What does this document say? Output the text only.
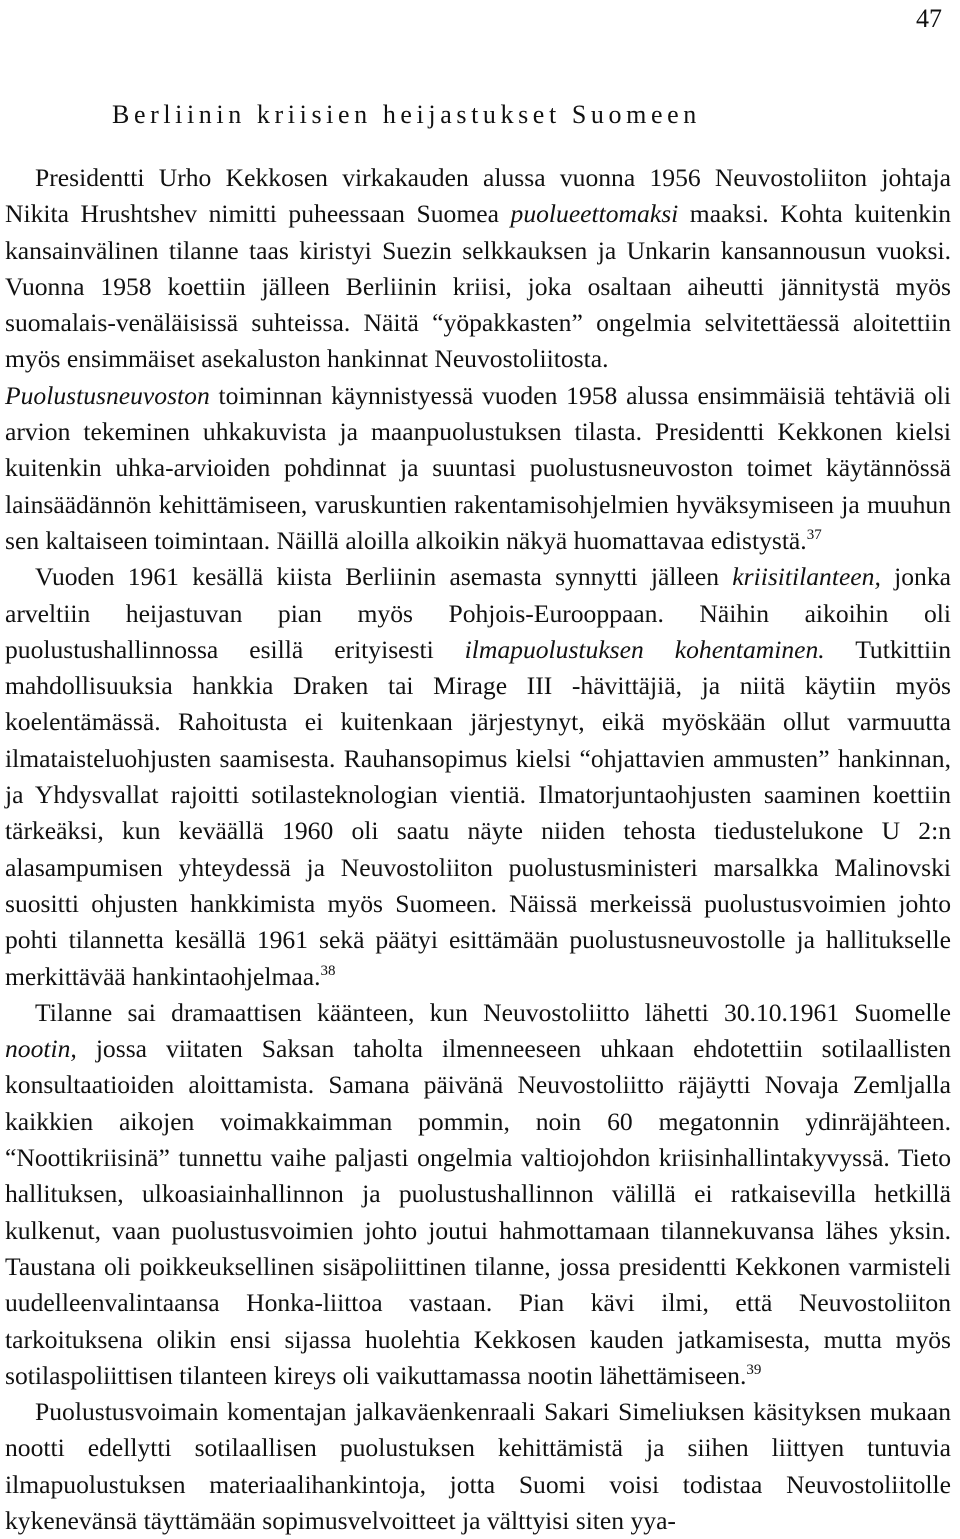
47
Berliinin kriisien heijastukset Suomeen

Presidentti Urho Kekkosen virkakauden alussa vuonna 1956 Neuvostoliiton johtaja Nikita Hrushtshev nimitti puheessaan Suomea puolueettomaksi maaksi. Kohta kuitenkin kansainvälinen tilanne taas kiristyi Suezin selkkauksen ja Unkarin kansannousun vuoksi. Vuonna 1958 koettiin jälleen Berliinin kriisi, joka osaltaan aiheutti jännitystä myös suomalais-venäläisissä suhteissa. Näitä “yöpakkasten” ongelmia selvitettäessä aloitettiin myös ensimmäiset asekaluston hankinnat Neuvostoliitosta.

Puolustusneuvoston toiminnan käynnistyessä vuoden 1958 alussa ensimmäisiä tehtäviä oli arvion tekeminen uhkakuvista ja maanpuolustuksen tilasta. Presidentti Kekkonen kielsi kuitenkin uhka-arvioiden pohdinnat ja suuntasi puolustusneuvoston toimet käytännössä lainsäädännön kehittämiseen, varuskuntien rakentamisohjelmien hyväksymiseen ja muuhun sen kaltaiseen toimintaan. Näillä aloilla alkoikin näkyä huomattavaa edistystä.$^{37}$

Vuoden 1961 kesällä kiista Berliinin asemasta synnytti jälleen kriisitilanteen, jonka arveltiin heijastuvan pian myös Pohjois-Eurooppaan. Näihin aikoihin oli puolustushallinnossa esillä erityisesti ilmapuolustuksen kohentaminen. Tutkittiin mahdollisuuksia hankkia Draken tai Mirage III -hävittäjiä, ja niitä käytiin myös koelentämässä. Rahoitusta ei kuitenkaan järjestynyt, eikä myöskään ollut varmuutta ilmataisteluohjusten saamisesta. Rauhansopimus kielsi “ohjattavien ammusten” hankinnan, ja Yhdysvallat rajoitti sotilasteknologian vientiä. Ilmatorjuntaohjusten saaminen koettiin tärkeäksi, kun keväällä 1960 oli saatu näyte niiden tehosta tiedustelukone U 2:n alasampumisen yhteydessä ja Neuvostoliiton puolustusministeri marsalkka Malinovski suositti ohjusten hankkimista myös Suomeen. Näissä merkeissä puolustusvoimien johto pohti tilannetta kesällä 1961 sekä päätyi esittämään puolustusneuvostolle ja hallitukselle merkittävää hankintaohjelmaa.$^{38}$

Tilanne sai dramaattisen käänteen, kun Neuvostoliitto lähetti 30.10.1961 Suomelle nootin, jossa viitaten Saksan taholta ilmenneeseen uhkaan ehdotettiin sotilaallisten konsultaatioiden aloittamista. Samana päivänä Neuvostoliitto räjäytti Novaja Zemljalla kaikkien aikojen voimakkaimman pommin, noin 60 megatonnin ydinräjähteen. “Noottikriisinä” tunnettu vaihe paljasti ongelmia valtiojohdon kriisinhallintakyvyssä. Tieto hallituksen, ulkoasiainhallinnon ja puolustushallinnon välillä ei ratkaisevilla hetkillä kulkenut, vaan puolustusvoimien johto joutui hahmottamaan tilannekuvansa lähes yksin. Taustana oli poikkeuksellinen sisäpoliittinen tilanne, jossa presidentti Kekkonen varmisteli uudelleenvalintaansa Honka-liittoa vastaan. Pian kävi ilmi, että Neuvostoliiton tarkoituksena olikin ensi sijassa huolehtia Kekkosen kauden jatkamisesta, mutta myös sotilaspoliittisen tilanteen kireys oli vaikuttamassa nootin lähettämiseen.$^{39}$

Puolustusvoimain komentajan jalkaväenkenraali Sakari Simeliuksen käsityksen mukaan nootti edellytti sotilaallisen puolustuksen kehittämistä ja siihen liittyen tuntuvia ilmapuolustuksen materiaalihankintoja, jotta Suomi voisi todistaa Neuvostoliitolle kykenevänsä täyttämään sopimusvelvoitteet ja välttyisi siten yya-
